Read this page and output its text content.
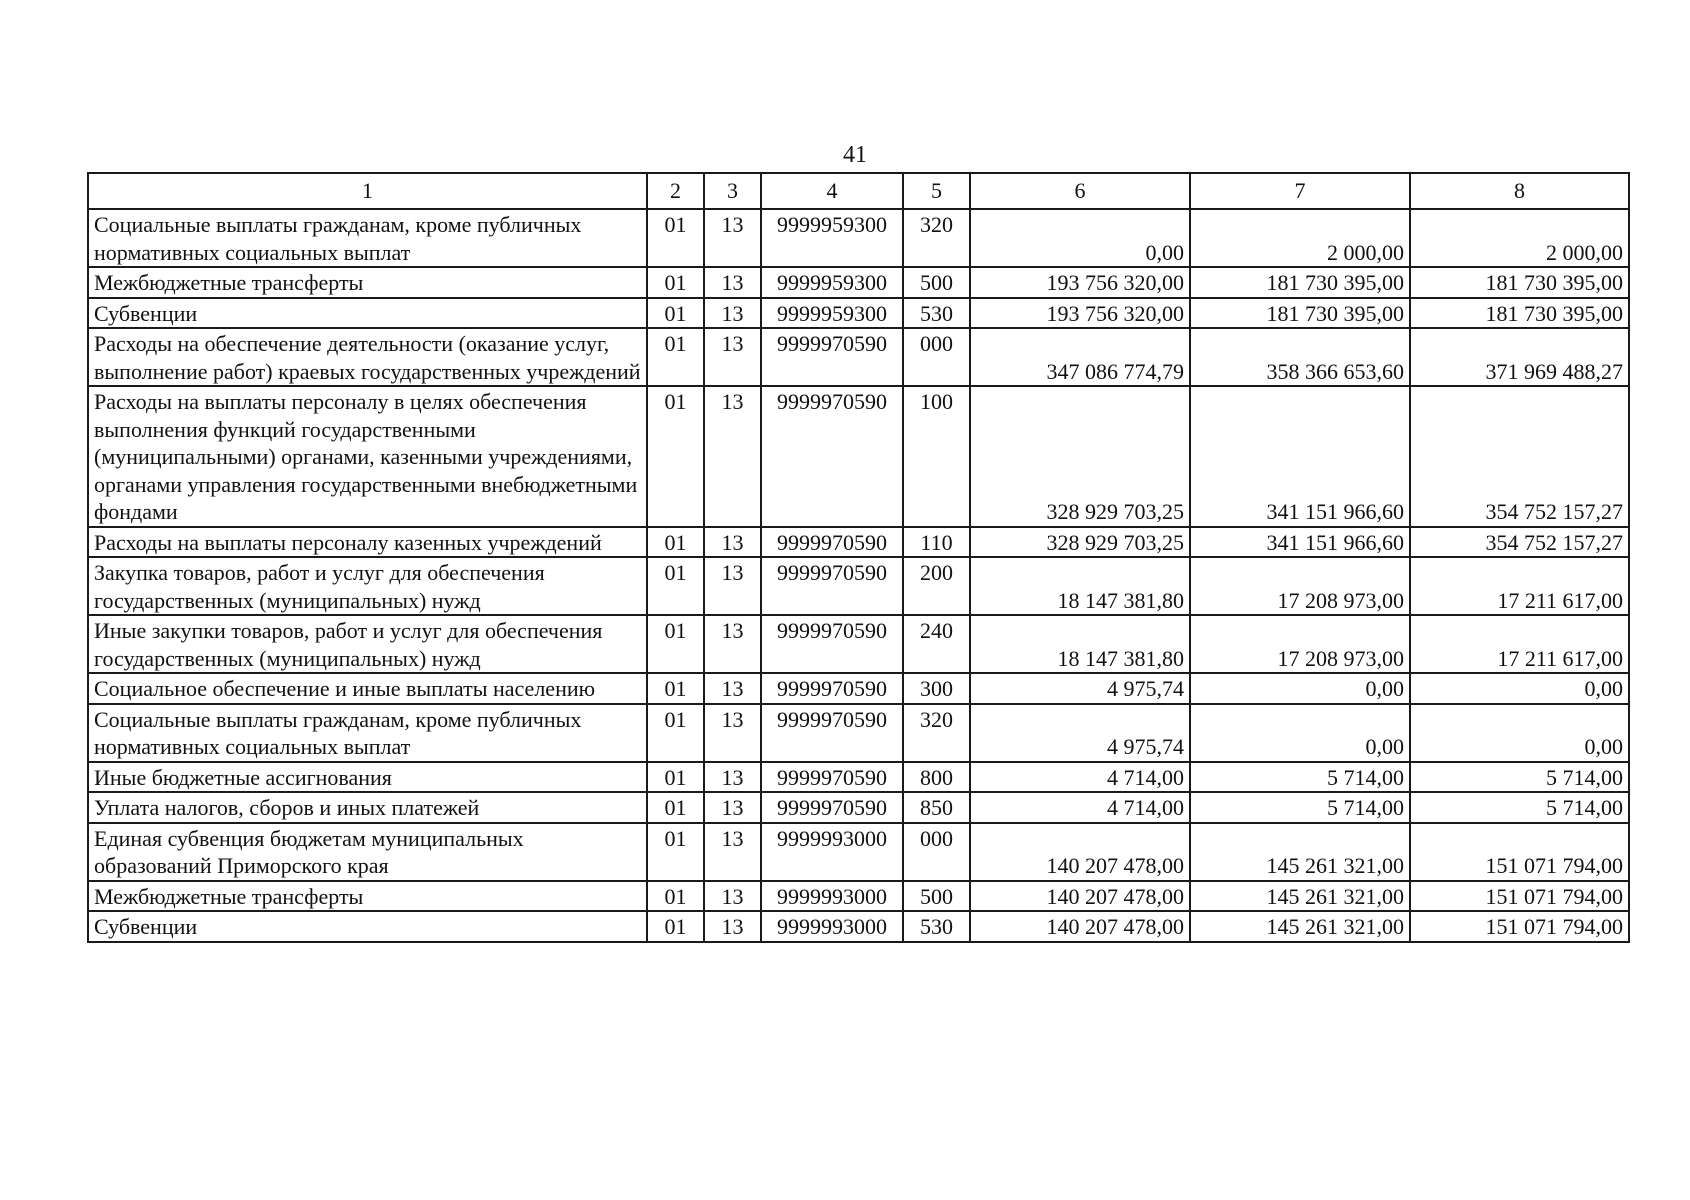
41
1	2	3	4	5	6	7	8
Социальные выплаты гражданам, кроме публичных нормативных социальных выплат	01	13	9999959300	320	0,00	2 000,00	2 000,00
Межбюджетные трансферты	01	13	9999959300	500	193 756 320,00	181 730 395,00	181 730 395,00
Субвенции	01	13	9999959300	530	193 756 320,00	181 730 395,00	181 730 395,00
Расходы на обеспечение деятельности (оказание услуг, выполнение работ) краевых государственных учреждений	01	13	9999970590	000	347 086 774,79	358 366 653,60	371 969 488,27
Расходы на выплаты персоналу в целях обеспечения выполнения функций государственными (муниципальными) органами, казенными учреждениями, органами управления государственными внебюджетными фондами	01	13	9999970590	100	328 929 703,25	341 151 966,60	354 752 157,27
Расходы на выплаты персоналу казенных учреждений	01	13	9999970590	110	328 929 703,25	341 151 966,60	354 752 157,27
Закупка товаров, работ и услуг для обеспечения государственных (муниципальных) нужд	01	13	9999970590	200	18 147 381,80	17 208 973,00	17 211 617,00
Иные закупки товаров, работ и услуг для обеспечения государственных (муниципальных) нужд	01	13	9999970590	240	18 147 381,80	17 208 973,00	17 211 617,00
Социальное обеспечение и иные выплаты населению	01	13	9999970590	300	4 975,74	0,00	0,00
Социальные выплаты гражданам, кроме публичных нормативных социальных выплат	01	13	9999970590	320	4 975,74	0,00	0,00
Иные бюджетные ассигнования	01	13	9999970590	800	4 714,00	5 714,00	5 714,00
Уплата налогов, сборов и иных платежей	01	13	9999970590	850	4 714,00	5 714,00	5 714,00
Единая субвенция бюджетам муниципальных образований Приморского края	01	13	9999993000	000	140 207 478,00	145 261 321,00	151 071 794,00
Межбюджетные трансферты	01	13	9999993000	500	140 207 478,00	145 261 321,00	151 071 794,00
Субвенции	01	13	9999993000	530	140 207 478,00	145 261 321,00	151 071 794,00
